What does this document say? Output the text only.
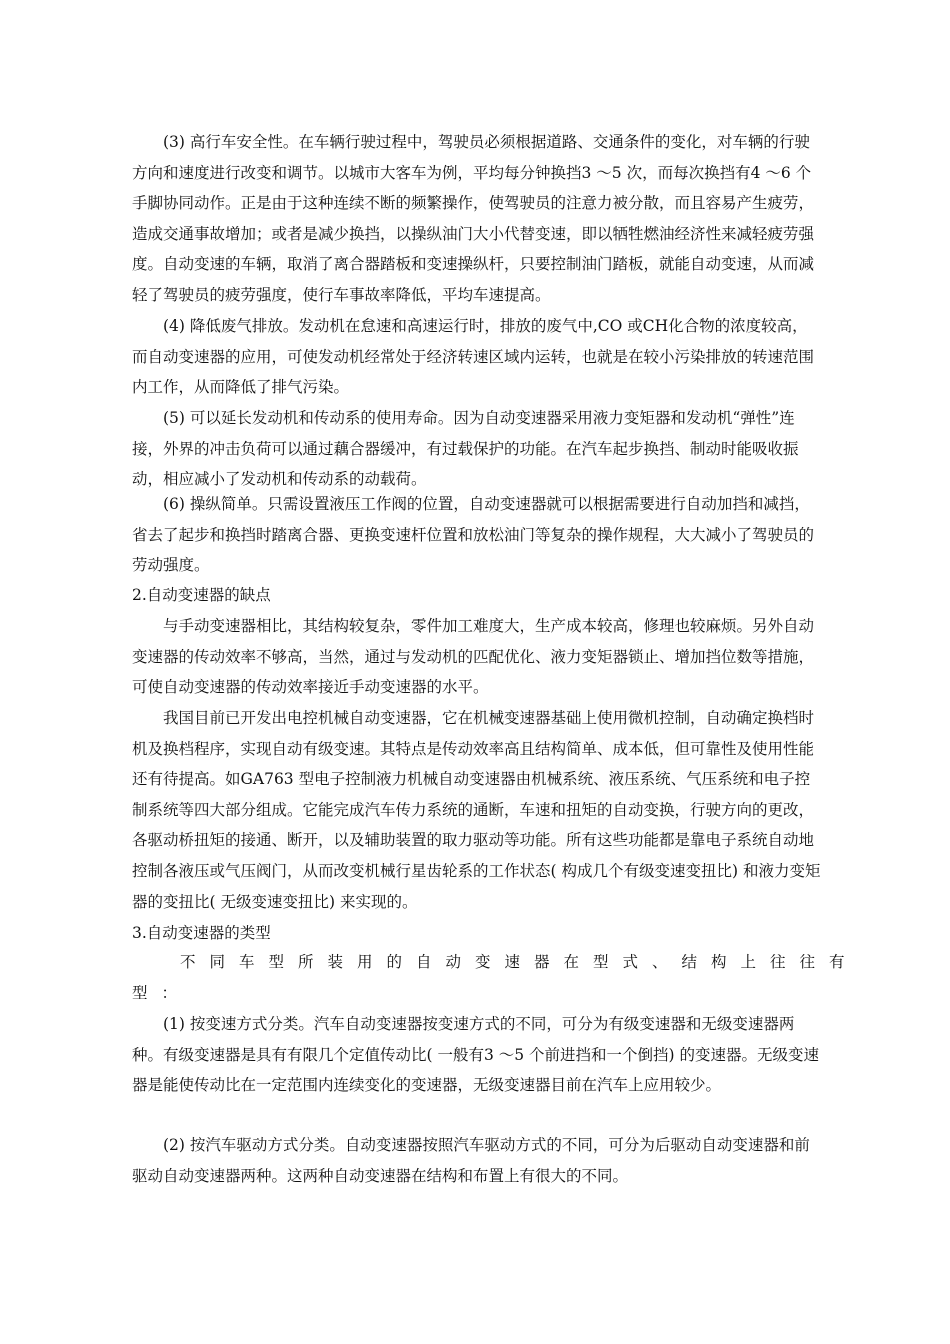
(3) 高行车安全性。在车辆行驶过程中，驾驶员必须根据道路、交通条件的变化，对车辆的行驶方向和速度进行改变和调节。以城市大客车为例，平均每分钟换挡3 ～5 次，而每次换挡有4 ～6 个手脚协同动作。正是由于这种连续不断的频繁操作，使驾驶员的注意力被分散，而且容易产生疲劳，造成交通事故增加；或者是减少换挡，以操纵油门大小代替变速，即以牺牲燃油经济性来减轻疲劳强度。自动变速的车辆，取消了离合器踏板和变速操纵杆，只要控制油门踏板，就能自动变速，从而减轻了驾驶员的疲劳强度，使行车事故率降低，平均车速提高。

(4) 降低废气排放。发动机在怠速和高速运行时，排放的废气中,CO 或CH化合物的浓度较高，而自动变速器的应用，可使发动机经常处于经济转速区域内运转，也就是在较小污染排放的转速范围内工作，从而降低了排气污染。

(5) 可以延长发动机和传动系的使用寿命。因为自动变速器采用液力变矩器和发动机“弹性”连接，外界的冲击负荷可以通过藕合器缓冲，有过载保护的功能。在汽车起步换挡、制动时能吸收振动，相应减小了发动机和传动系的动载荷。

(6) 操纵简单。只需设置液压工作阀的位置，自动变速器就可以根据需要进行自动加挡和减挡，省去了起步和换挡时踏离合器、更换变速杆位置和放松油门等复杂的操作规程，大大减小了驾驶员的劳动强度。

2.自动变速器的缺点

与手动变速器相比，其结构较复杂，零件加工难度大，生产成本较高，修理也较麻烦。另外自动变速器的传动效率不够高，当然，通过与发动机的匹配优化、液力变矩器锁止、增加挡位数等措施，可使自动变速器的传动效率接近手动变速器的水平。

我国目前已开发出电控机械自动变速器，它在机械变速器基础上使用微机控制，自动确定换档时机及换档程序，实现自动有级变速。其特点是传动效率高且结构简单、成本低，但可靠性及使用性能还有待提高。如GA763 型电子控制液力机械自动变速器由机械系统、液压系统、气压系统和电子控制系统等四大部分组成。它能完成汽车传力系统的通断，车速和扭矩的自动变换，行驶方向的更改，各驱动桥扭矩的接通、断开，以及辅助装置的取力驱动等功能。所有这些功能都是靠电子系统自动地控制各液压或气压阀门，从而改变机械行星齿轮系的工作状态( 构成几个有级变速变扭比) 和液力变矩器的变扭比( 无级变速变扭比) 来实现的。

3.自动变速器的类型

不同车型所装用的自动变速器在型式、结构上往往有
型：

(1) 按变速方式分类。汽车自动变速器按变速方式的不同，可分为有级变速器和无级变速器两种。有级变速器是具有有限几个定值传动比( 一般有3 ～5 个前进挡和一个倒挡) 的变速器。无级变速器是能使传动比在一定范围内连续变化的变速器，无级变速器目前在汽车上应用较少。

(2) 按汽车驱动方式分类。自动变速器按照汽车驱动方式的不同，可分为后驱动自动变速器和前驱动自动变速器两种。这两种自动变速器在结构和布置上有很大的不同。
